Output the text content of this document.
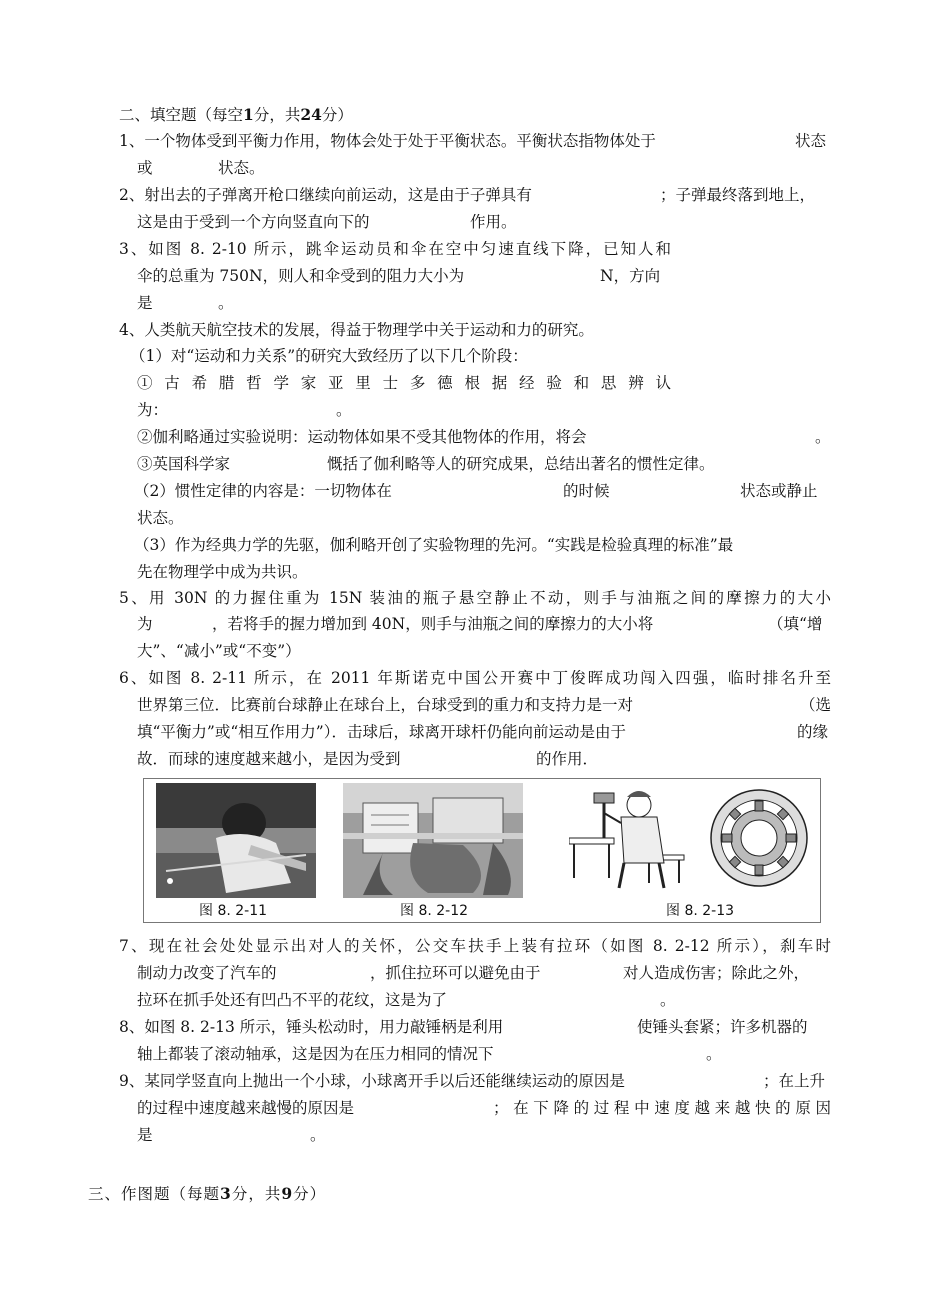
二、填空题（每空1分，共24分）
1、一个物体受到平衡力作用，物体会处于处于平衡状态。平衡状态指物体处于	状态
或	状态。
2、射出去的子弹离开枪口继续向前运动，这是由于子弹具有	；子弹最终落到地上，
这是由于受到一个方向竖直向下的	作用。
3、如图 8. 2-10 所示，跳伞运动员和伞在空中匀速直线下降，已知人和
伞的总重为 750N，则人和伞受到的阻力大小为	N，方向
是	。
4、人类航天航空技术的发展，得益于物理学中关于运动和力的研究。
（1）对“运动和力关系”的研究大致经历了以下几个阶段：
①古希腊哲学家亚里士多德根据经验和思辨认
为：	。
②伽利略通过实验说明：运动物体如果不受其他物体的作用，将会	。
③英国科学家	慨括了伽利略等人的研究成果，总结出著名的惯性定律。
（2）惯性定律的内容是：一切物体在	的时候	状态或静止
状态。
（3）作为经典力学的先驱，伽利略开创了实验物理的先河。“实践是检验真理的标准”最
先在物理学中成为共识。
5、用 30N 的力握住重为 15N 装油的瓶子悬空静止不动，则手与油瓶之间的摩擦力的大小
为	，若将手的握力增加到 40N，则手与油瓶之间的摩擦力的大小将	（填“增
大”、“减小”或“不变”）
6、如图 8. 2-11 所示，在 2011 年斯诺克中国公开赛中丁俊晖成功闯入四强，临时排名升至
世界第三位．比赛前台球静止在球台上，台球受到的重力和支持力是一对	（选
填“平衡力”或“相互作用力”）．击球后，球离开球杆仍能向前运动是由于	的缘
故．而球的速度越来越小，是因为受到	的作用．
图 8. 2-11	图 8. 2-12	图 8. 2-13
7、现在社会处处显示出对人的关怀，公交车扶手上装有拉环（如图 8. 2-12 所示），刹车时
制动力改变了汽车的	，抓住拉环可以避免由于	对人造成伤害；除此之外，
拉环在抓手处还有凹凸不平的花纹，这是为了	。
8、如图 8. 2-13 所示，锤头松动时，用力敲锤柄是利用	使锤头套紧；许多机器的
轴上都装了滚动轴承，这是因为在压力相同的情况下	。
9、某同学竖直向上抛出一个小球，小球离开手以后还能继续运动的原因是	；在上升
的过程中速度越来越慢的原因是	；在下降的过程中速度越来越快的原因
是	。
三、作图题（每题3分，共9分）
